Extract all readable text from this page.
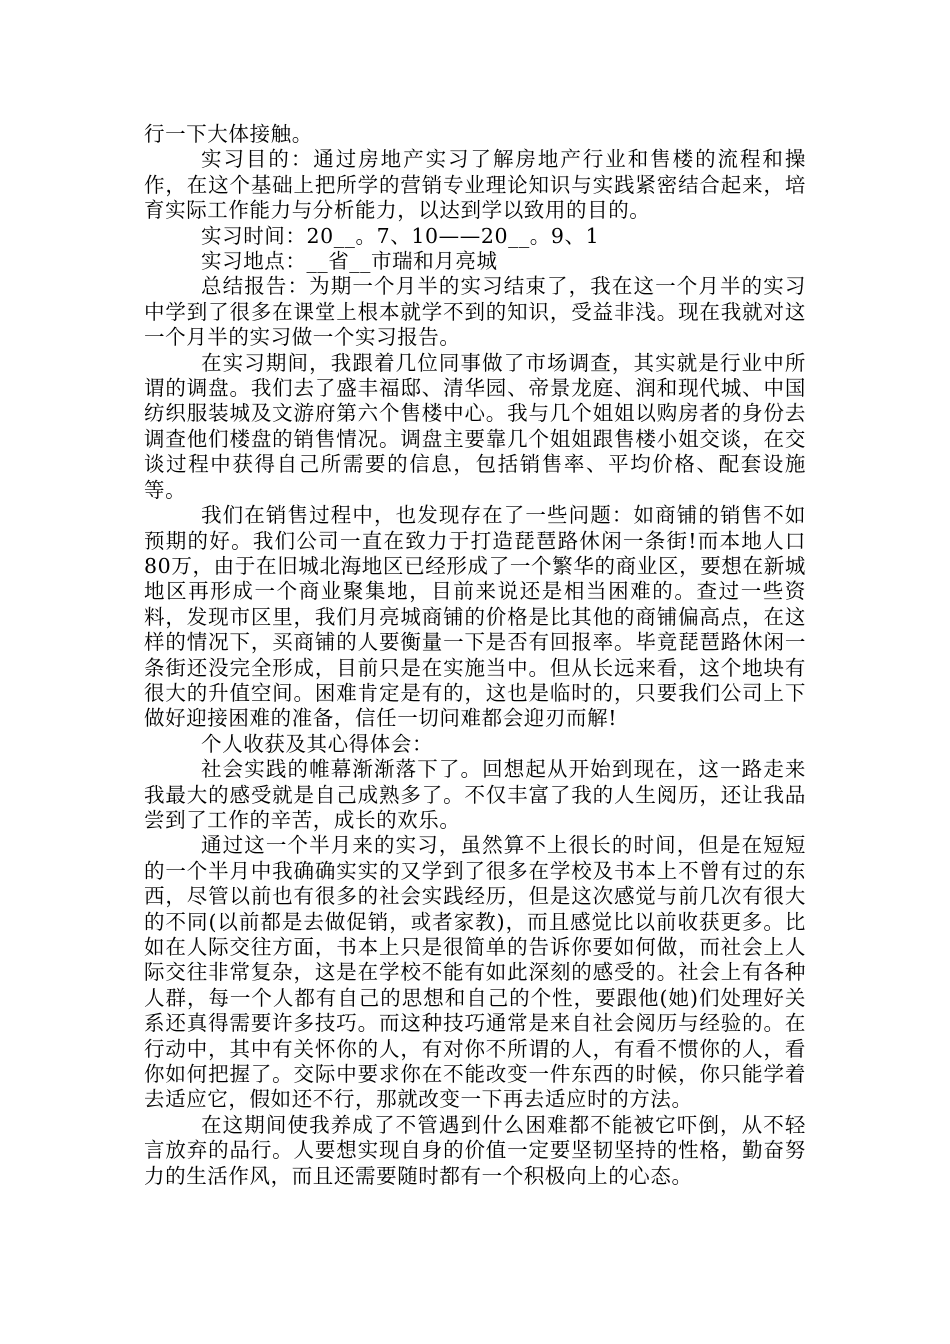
行一下大体接触。

实习目的：通过房地产实习了解房地产行业和售楼的流程和操作，在这个基础上把所学的营销专业理论知识与实践紧密结合起来，培育实际工作能力与分析能力，以达到学以致用的目的。

实习时间：20__。7、10——20__。9、1

实习地点：__省__市瑞和月亮城

总结报告：为期一个月半的实习结束了，我在这一个月半的实习中学到了很多在课堂上根本就学不到的知识，受益非浅。现在我就对这一个月半的实习做一个实习报告。

在实习期间，我跟着几位同事做了市场调查，其实就是行业中所谓的调盘。我们去了盛丰福邸、清华园、帝景龙庭、润和现代城、中国纺织服装城及文游府第六个售楼中心。我与几个姐姐以购房者的身份去调查他们楼盘的销售情况。调盘主要靠几个姐姐跟售楼小姐交谈，在交谈过程中获得自己所需要的信息，包括销售率、平均价格、配套设施等。

我们在销售过程中，也发现存在了一些问题：如商铺的销售不如预期的好。我们公司一直在致力于打造琵琶路休闲一条街!而本地人口80万，由于在旧城北海地区已经形成了一个繁华的商业区，要想在新城地区再形成一个商业聚集地，目前来说还是相当困难的。查过一些资料，发现市区里，我们月亮城商铺的价格是比其他的商铺偏高点，在这样的情况下，买商铺的人要衡量一下是否有回报率。毕竟琵琶路休闲一条街还没完全形成，目前只是在实施当中。但从长远来看，这个地块有很大的升值空间。困难肯定是有的，这也是临时的，只要我们公司上下做好迎接困难的准备，信任一切问难都会迎刃而解!

个人收获及其心得体会：

社会实践的帷幕渐渐落下了。回想起从开始到现在，这一路走来我最大的感受就是自己成熟多了。不仅丰富了我的人生阅历，还让我品尝到了工作的辛苦，成长的欢乐。

通过这一个半月来的实习，虽然算不上很长的时间，但是在短短的一个半月中我确确实实的又学到了很多在学校及书本上不曾有过的东西，尽管以前也有很多的社会实践经历，但是这次感觉与前几次有很大的不同(以前都是去做促销，或者家教)，而且感觉比以前收获更多。比如在人际交往方面，书本上只是很简单的告诉你要如何做，而社会上人际交往非常复杂，这是在学校不能有如此深刻的感受的。社会上有各种人群，每一个人都有自己的思想和自己的个性，要跟他(她)们处理好关系还真得需要许多技巧。而这种技巧通常是来自社会阅历与经验的。在行动中，其中有关怀你的人，有对你不所谓的人，有看不惯你的人，看你如何把握了。交际中要求你在不能改变一件东西的时候，你只能学着去适应它，假如还不行，那就改变一下再去适应时的方法。

在这期间使我养成了不管遇到什么困难都不能被它吓倒，从不轻言放弃的品行。人要想实现自身的价值一定要坚韧坚持的性格，勤奋努力的生活作风，而且还需要随时都有一个积极向上的心态。
